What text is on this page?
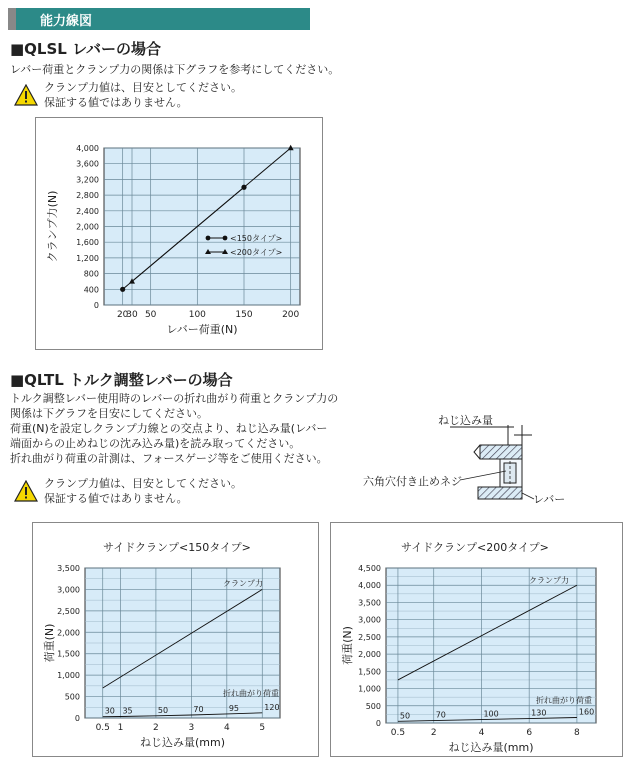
能力線図
■QLSL レバーの場合
レバー荷重とクランプ力の関係は下グラフを参考にしてください。
クランプ力値は、目安としてください。
保証する値ではありません。
0
400
800
1,200
1,600
2,000
2,400
2,800
3,200
3,600
4,000
20
30 50	100	150	200
レバー荷重(N)
クランプ力(N)	<150タイプ>
<200タイプ>
■QLTL トルク調整レバーの場合
トルク調整レバー使用時のレバーの折れ曲がり荷重とクランプ力の
関係は下グラフを目安にしてください。
荷重(N)を設定しクランプ力線との交点より、ねじ込み量(レバー
端面からの止めねじの沈み込み量)を読み取ってください。
折れ曲がり荷重の計測は、フォースゲージ等をご使用ください。
クランプ力値は、目安としてください。
保証する値ではありません。
ねじ込み量
六角穴付き止めネジ
レバー
サイドクランプ<150タイプ>
0
500
1,000
1,500
2,000
2,500
3,000
3,500
0.5 1	2	3	4	5
ねじ込み量(mm)
荷重(N)
クランプ力
折れ曲がり荷重
30 35	50	70	95	120
サイドクランプ<200タイプ>
0
500
1,000
1,500
2,000
2,500
3,000
3,500
4,000
4,500
0.5	2	4	6	8
ねじ込み量(mm)
荷重(N)
クランプ力
折れ曲がり荷重
50	70	100	130	160
